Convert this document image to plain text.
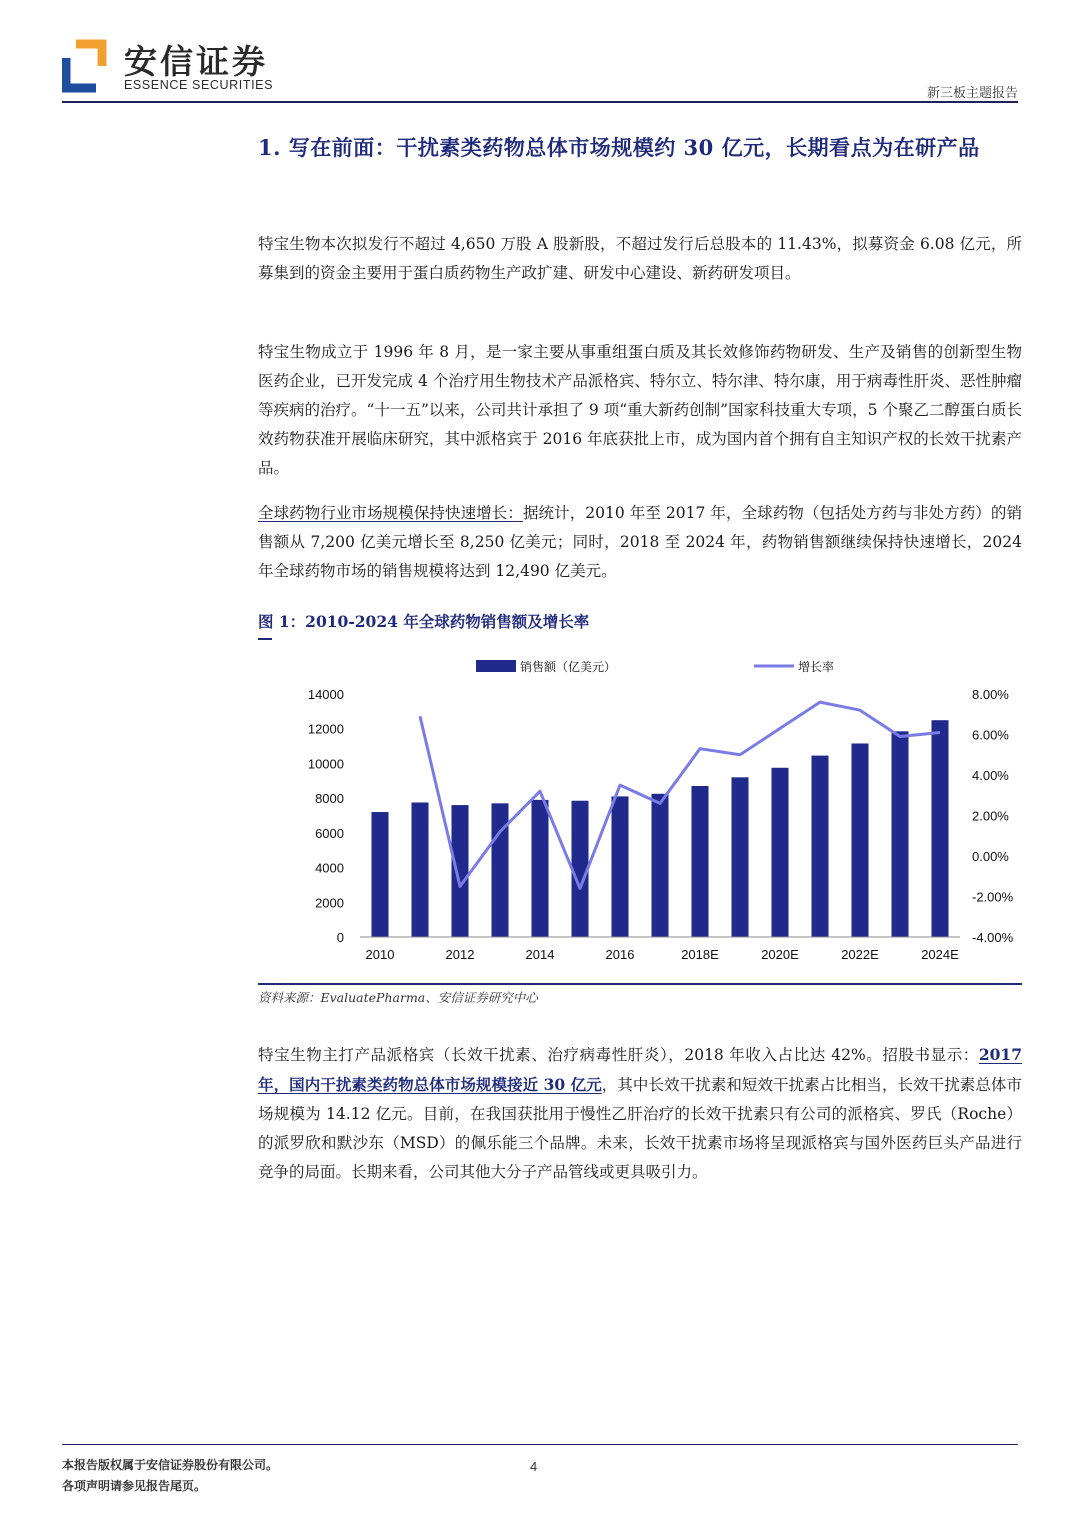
安信证券
ESSENCE SECURITIES
新三板主题报告
1. 写在前面：干扰素类药物总体市场规模约 30 亿元，长期看点为在研产品

特宝生物本次拟发行不超过 4,650 万股 A 股新股，不超过发行后总股本的 11.43%，拟募资金 6.08 亿元，所募集到的资金主要用于蛋白质药物生产政扩建、研发中心建设、新药研发项目。

特宝生物成立于 1996 年 8 月，是一家主要从事重组蛋白质及其长效修饰药物研发、生产及销售的创新型生物医药企业，已开发完成 4 个治疗用生物技术产品派格宾、特尔立、特尔津、特尔康，用于病毒性肝炎、恶性肿瘤等疾病的治疗。“十一五”以来，公司共计承担了 9 项“重大新药创制”国家科技重大专项，5 个聚乙二醇蛋白质长效药物获准开展临床研究，其中派格宾于 2016 年底获批上市，成为国内首个拥有自主知识产权的长效干扰素产品。

全球药物行业市场规模保持快速增长：据统计，2010 年至 2017 年，全球药物（包括处方药与非处方药）的销售额从 7,200 亿美元增长至 8,250 亿美元；同时，2018 至 2024 年，药物销售额继续保持快速增长，2024 年全球药物市场的销售规模将达到 12,490 亿美元。

图 1：2010-2024 年全球药物销售额及增长率
销售额（亿美元）	增长率
0
2000
4000
6000
8000
10000
12000
14000
-4.00%
-2.00%
0.00%
2.00%
4.00%
6.00%
8.00%
2010	2012	2014	2016	2018E	2020E	2022E	2024E
资料来源：EvaluatePharma、安信证券研究中心

特宝生物主打产品派格宾（长效干扰素、治疗病毒性肝炎），2018 年收入占比达 42%。招股书显示：2017 年，国内干扰素类药物总体市场规模接近 30 亿元，其中长效干扰素和短效干扰素占比相当，长效干扰素总体市场规模为 14.12 亿元。目前，在我国获批用于慢性乙肝治疗的长效干扰素只有公司的派格宾、罗氏（Roche）的派罗欣和默沙东（MSD）的佩乐能三个品牌。未来，长效干扰素市场将呈现派格宾与国外医药巨头产品进行竞争的局面。长期来看，公司其他大分子产品管线或更具吸引力。

本报告版权属于安信证券股份有限公司。
各项声明请参见报告尾页。
4
